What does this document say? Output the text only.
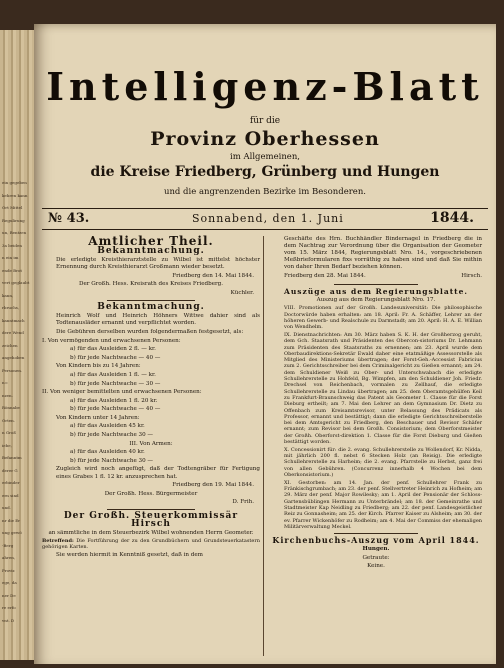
ein gegeben
kehren kann
Ort Mittel
Regulirung
un, Bentzen
3a beiden
n ein im
ende Brot
vert geglaubt
kann,
rbruchs,
kanntmach
dere Wend
zeichen
angehoben
Personen.
n=
nzen.
Rönnabe
Orten.
n Groß
iebe,
Befanntm
derer G
erbinder
ern sind
und.
nr die Er
ung gewö
-Berg
ahren,
Proviz
ege, da
ner De
re erfo
vnt. D
Intelligenz-Blatt
für die
Provinz Oberhessen
im Allgemeinen,
die Kreise Friedberg, Grünberg und Hungen
und die angrenzenden Bezirke im Besonderen.
№ 43.	Sonnabend, den 1. Juni	1844.
Amtlicher Theil.
Bekanntmachung.
Die erledigte Kreisthierarztstelle zu Wilbel ist mittelst höchster Ernennung durch Kreisthierarzt Großmann wieder besetzt.
Friedberg den 14. Mai 1844.
Der Großh. Hess. Kreisrath des Kreises Friedberg.
Küchler.
Bekanntmachung.
Heinrich Wolf und Heinrich Höhners Wittwe dahier sind als Todtenausläder ernannt und verpflichtet worden.
Die Gebühren derselben wurden folgendermaßen festgesetzt, als:
I. Von vermögenden und erwachsenen Personen:
a) für das Ausleiden 2 fl. — kr.
b) für jede Nachtwache — 40 —
Von Kindern bis zu 14 Jahren:
a) für das Ausleiden 1 fl. — kr.
b) für jede Nachtwache — 30 —
II. Von weniger bemittelten und erwachsenen Personen:
a) für das Ausleiden 1 fl. 20 kr.
b) für jede Nachtwache — 40 —
Von Kindern unter 14 Jahren:
a) für das Ausleiden 45 kr.
b) für jede Nachtwache 30 —
III. Von Armen:
a) für das Ausleiden 40 kr.
b) für jede Nachtwache 30 —
Zugleich wird noch angefügt, daß der Todtengräber für Fertigung eines Grabes 1 fl. 12 kr. anzusprechen hat.
Friedberg den 19. Mai 1844.
Der Großh. Hess. Bürgermeister
D. Frih.
Der Großh. Steuerkommissär Hirsch
an sämmtliche in dem Steuerbezirk Wilbel wohnenden Herrn Geometer.
Betreffend: Die Fortführung der zu den Grundbüchern und Grundsteuerkatastern gehörigen Karten.
Sie werden hiermit in Kenntniß gesetzt, daß in dem
Geschäfte des Hrn. Buchhändler Bindernagel in Friedberg die in dem Nachtrag zur Verordnung über die Organisation der Geometer vom 15. März 1844, Regierungsblatt Nro. 14., vorgeschriebenen Meßbrieformularen fixs vorräthig zu haben sind und daß Sie mithin von daher Ihren Bedarf beziehen können.
Friedberg den 28. Mai 1844.	Hirsch.
Auszüge aus dem Regierungsblatte.
Auszug aus dem Regierungsblatt Nro. 17.
VIII. Promotionen auf der Großh. Landesuniversität: Die philosophische Doctorwürde haben erhalten: am 18. April: Fr. A. Schäffer, Lehrer an der höheren Gewerb- und Realschule zu Darmstadt; am 20. April: H. A. E. Willian von Wendhelm.
IX. Dienstnachrichten: Am 30. März haben S. K. H. der Großherzog geruht, dem Gch. Staatsrath und Präsidenten des Obercon-sistoriums Dr. Lehmann zum Präsidenten des Staatsraths zu ernennen; am 23. April wurde dem Oberbaudirektions-Sekretär Ewald daher eine etatmäßige Assessorstelle als Mitglied des Ministeriums übertragen; der Forst-Geh.-Accessist Fabricius zum 2. Gerichtsschreiber bei dem Criminalgericht zu Gießen ernannt; am 24. dem Schuldiener Weiß zu Ober- und Unterschwabach die erledigte Schullehrerstelle zu Hohfeld, Bg. Wimpfen, am den Schuldiener Joh. Friedr. Drechsel von Reichenbach, vormalen zu Zellhauf, die erledigte Schullehrerstelle zu Lindau übertragen; am 25. dem Oberamtsgehülfen Keil zu Frankfurt-Braunschweig das Patent als Geometer 1. Classe für die Forst Dieburg ertheilt; am 7. Mai den Lehrer an dem Gymnasium Dr. Dietz zu Offenbach zum Kreisamtsrevisor, unter Belassung des Prädicats als Professor, ernannt und bestättigt; dann die erledigte Gerichtsschreiberstelle bei dem Amtsgericht zu Friedberg, den Beschauer und Revisor Schäfer ernannt; zum Revisor bei dem Großh. Consistorium; dem Oberforstmeister der Großh. Oberforst-direktion 1. Classe für die Forst Dieburg und Gießen bestättigt worden.
X. Concessionirt für: die 2. evang. Schullehrerstelle zu Wollendorf, Kr. Nidda, mit jährlich 200 fl. nebst 6 Stecken Holz (an Reisig). Die erledigte Schullehrerstelle zu Harheim; die 2. evang. Pfarrstelle zu Herbst, ganz frei von allen Gebühren. (Concurrenz innerhalb 4 Wochen bei dem Oberkonsistorium.)
XI. Gestorben: am 14. Jan. der penf. Schullehrer Frank zu Fränkischgrumbach; am 23. der penf. Stellvertreter Heinrich zu Hofheim; am 29. März der penf. Major Rowilesky; am 1. April der Pensionär der Schloss-Gartensbüblingen Hermann zu Unterbrändel; am 18. der Gemeinrathe und Stadtmeister Kap Neidling zu Friedberg; am 22. der penf. Landesgeistlicher Reiz zu Gonnasheim; am 25. der Kirch. Pfarrer Kaiser zu Alsheim; am 30. der ev. Pfarrer Wickenhöfer zu Rodheim; am 4. Mai der Commiss der ehemaligen Militärverwaltung Meckel.
Kirchenbuchs-Auszug vom April 1844.
Hungen.
Getraute:
Keine.
